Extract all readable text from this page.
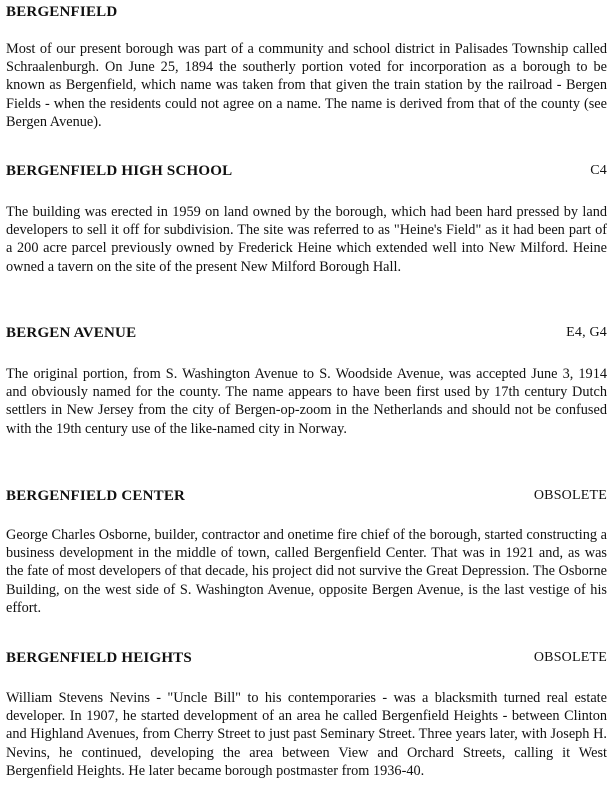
BERGENFIELD
Most of our present borough was part of a community and school district in Palisades Township called Schraalenburgh. On June 25, 1894 the southerly portion voted for incorporation as a borough to be known as Bergenfield, which name was taken from that given the train station by the railroad - Bergen Fields - when the residents could not agree on a name. The name is derived from that of the county (see Bergen Avenue).
BERGENFIELD HIGH SCHOOL	C4
The building was erected in 1959 on land owned by the borough, which had been hard pressed by land developers to sell it off for subdivision. The site was referred to as "Heine's Field" as it had been part of a 200 acre parcel previously owned by Frederick Heine which extended well into New Milford. Heine owned a tavern on the site of the present New Milford Borough Hall.
BERGEN AVENUE	E4, G4
The original portion, from S. Washington Avenue to S. Woodside Avenue, was accepted June 3, 1914 and obviously named for the county. The name appears to have been first used by 17th century Dutch settlers in New Jersey from the city of Bergen-op-zoom in the Netherlands and should not be confused with the 19th century use of the like-named city in Norway.
BERGENFIELD CENTER	OBSOLETE
George Charles Osborne, builder, contractor and onetime fire chief of the borough, started constructing a business development in the middle of town, called Bergenfield Center. That was in 1921 and, as was the fate of most developers of that decade, his project did not survive the Great Depression. The Osborne Building, on the west side of S. Washington Avenue, opposite Bergen Avenue, is the last vestige of his effort.
BERGENFIELD HEIGHTS	OBSOLETE
William Stevens Nevins - "Uncle Bill" to his contemporaries - was a blacksmith turned real estate developer. In 1907, he started development of an area he called Bergenfield Heights - between Clinton and Highland Avenues, from Cherry Street to just past Seminary Street. Three years later, with Joseph H. Nevins, he continued, developing the area between View and Orchard Streets, calling it West Bergenfield Heights. He later became borough postmaster from 1936-40.
